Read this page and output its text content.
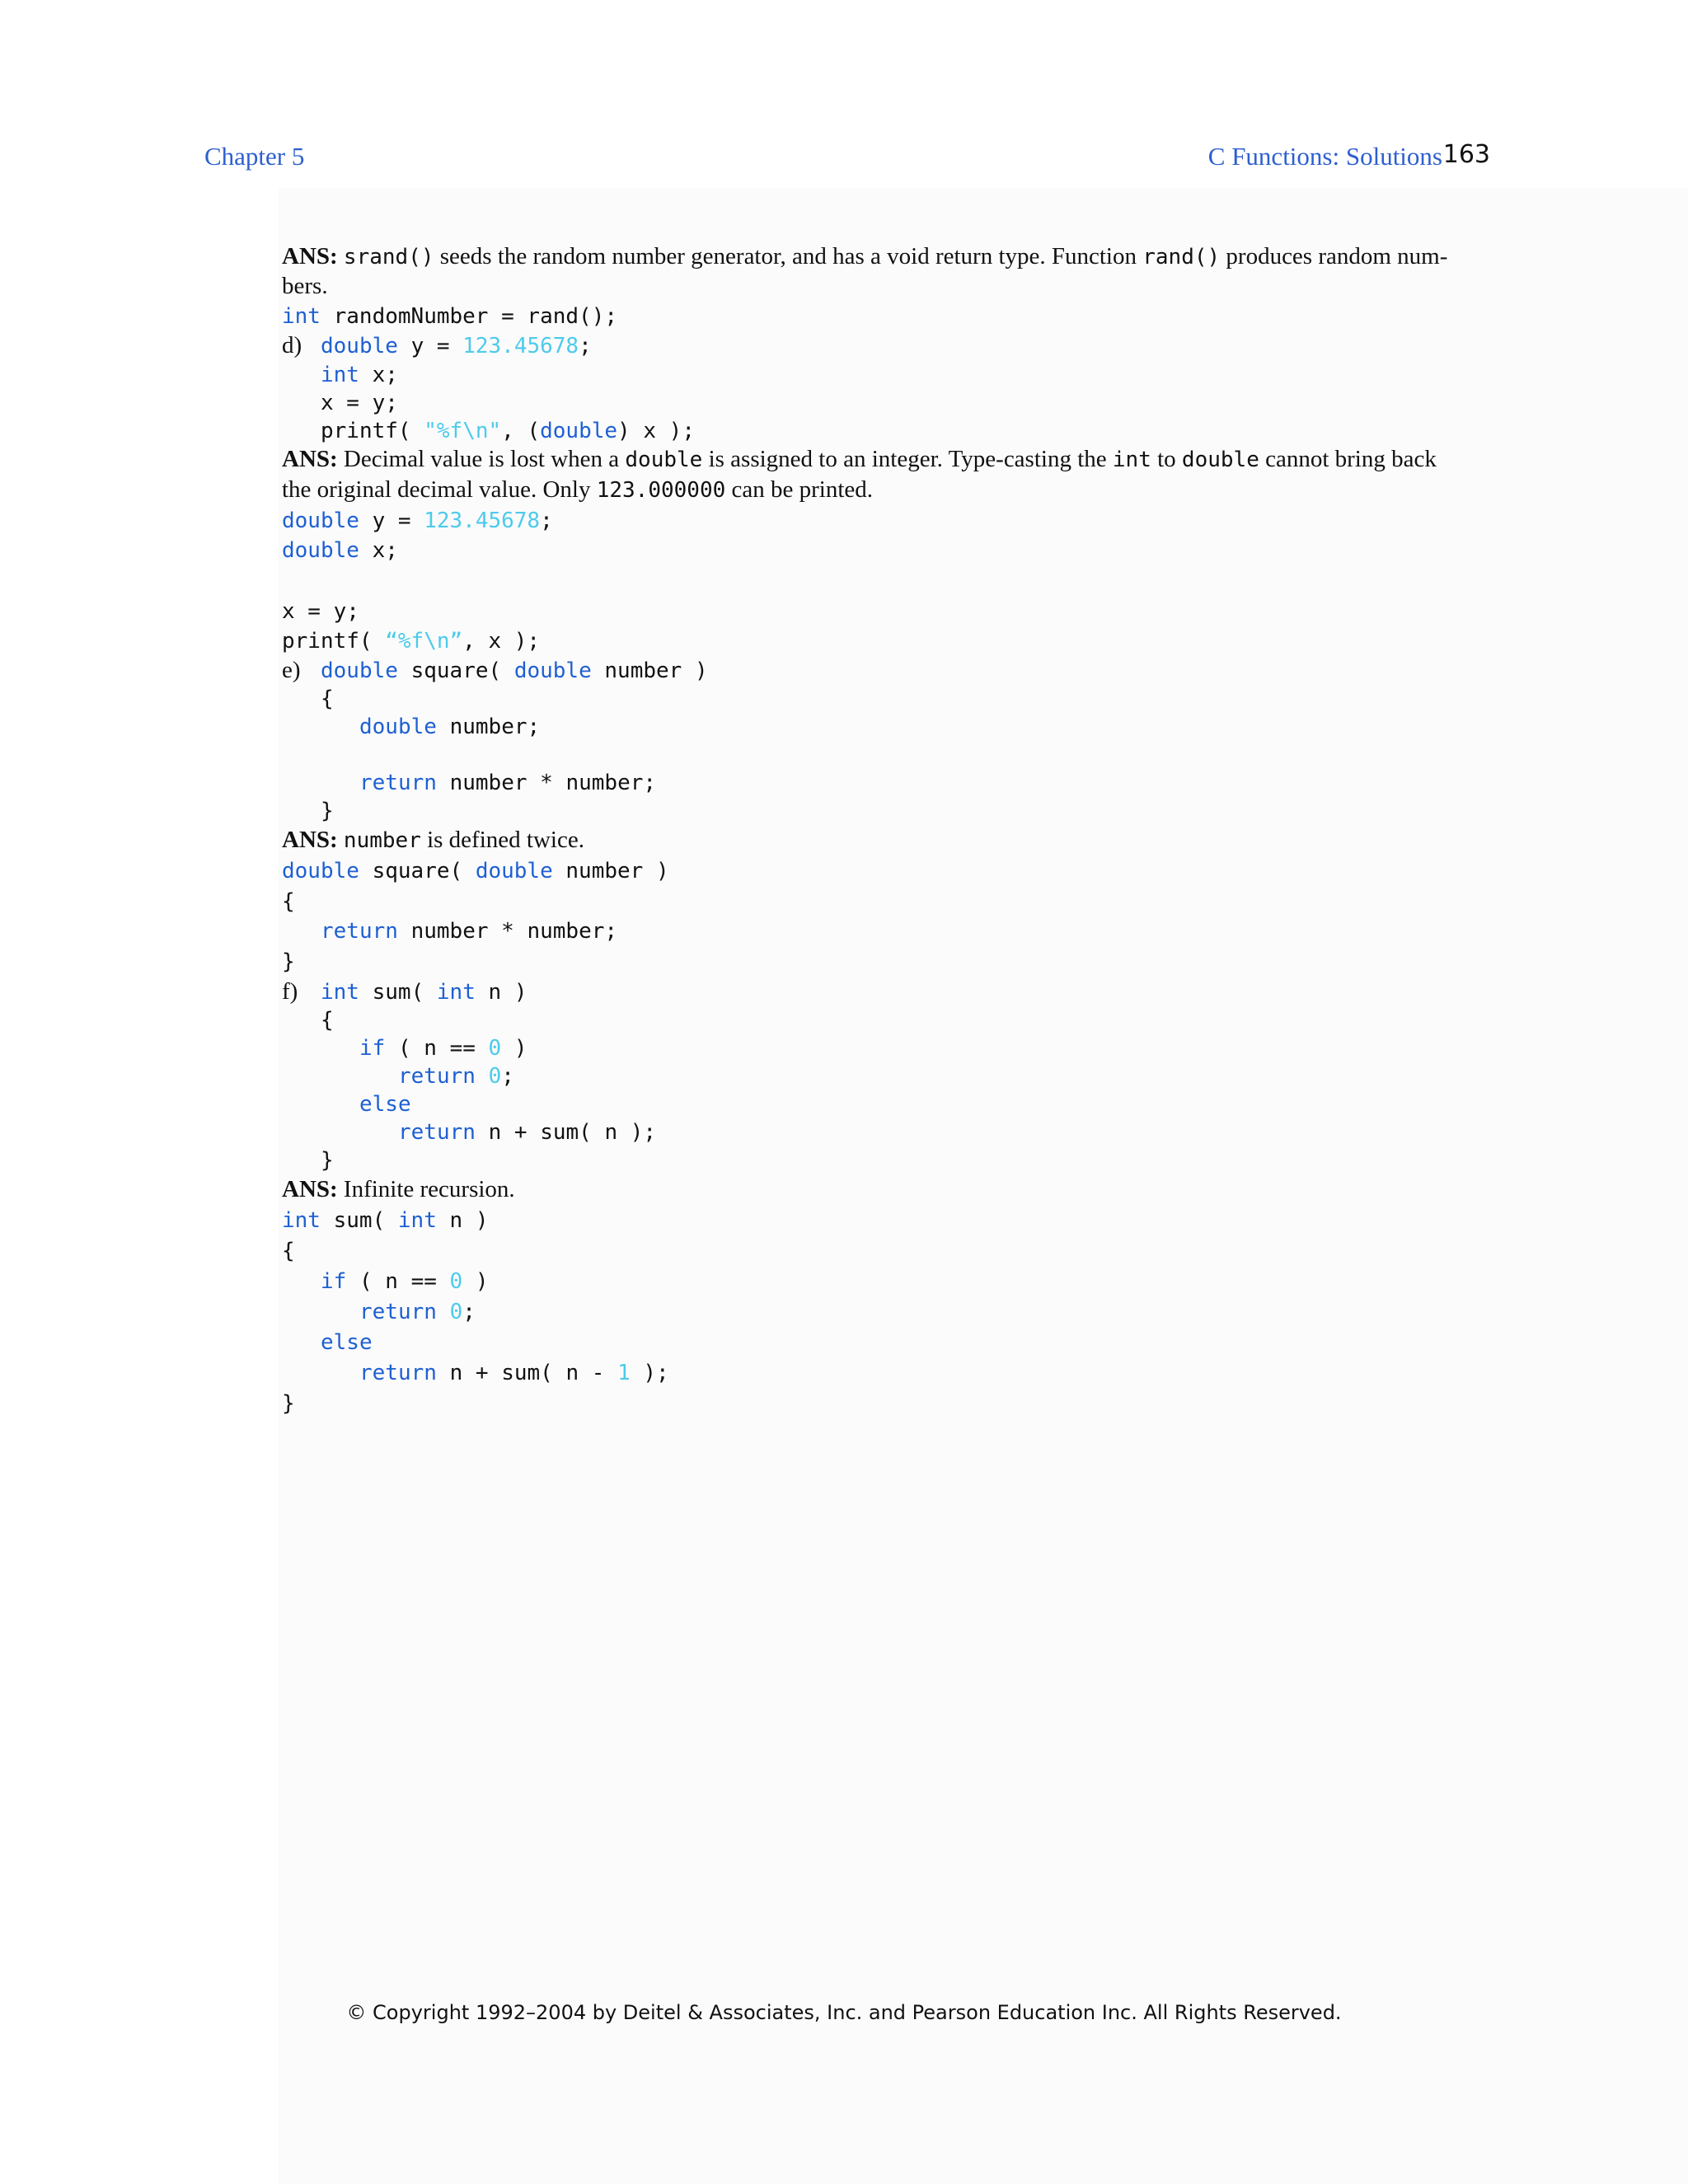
Chapter 5	C Functions: Solutions 163
ANS: srand() seeds the random number generator, and has a void return type. Function rand() produces random num-
bers.
int randomNumber = rand();
d) double y = 123.45678;
int x;
x = y;
printf( "%f\n", (double) x );
ANS: Decimal value is lost when a double is assigned to an integer. Type-casting the int to double cannot bring back
the original decimal value. Only 123.000000 can be printed.
double y = 123.45678;
double x;
x = y;
printf( “%f\n”, x );
e) double square( double number )
{
double number;
return number * number;
}
ANS: number is defined twice.
double square( double number )
{
return number * number;
}
f) int sum( int n )
{
if ( n == 0 )
return 0;
else
return n + sum( n );
}
ANS: Infinite recursion.
int sum( int n )
{
if ( n == 0 )
return 0;
else
return n + sum( n - 1 );
}
© Copyright 1992–2004 by Deitel & Associates, Inc. and Pearson Education Inc. All Rights Reserved.
